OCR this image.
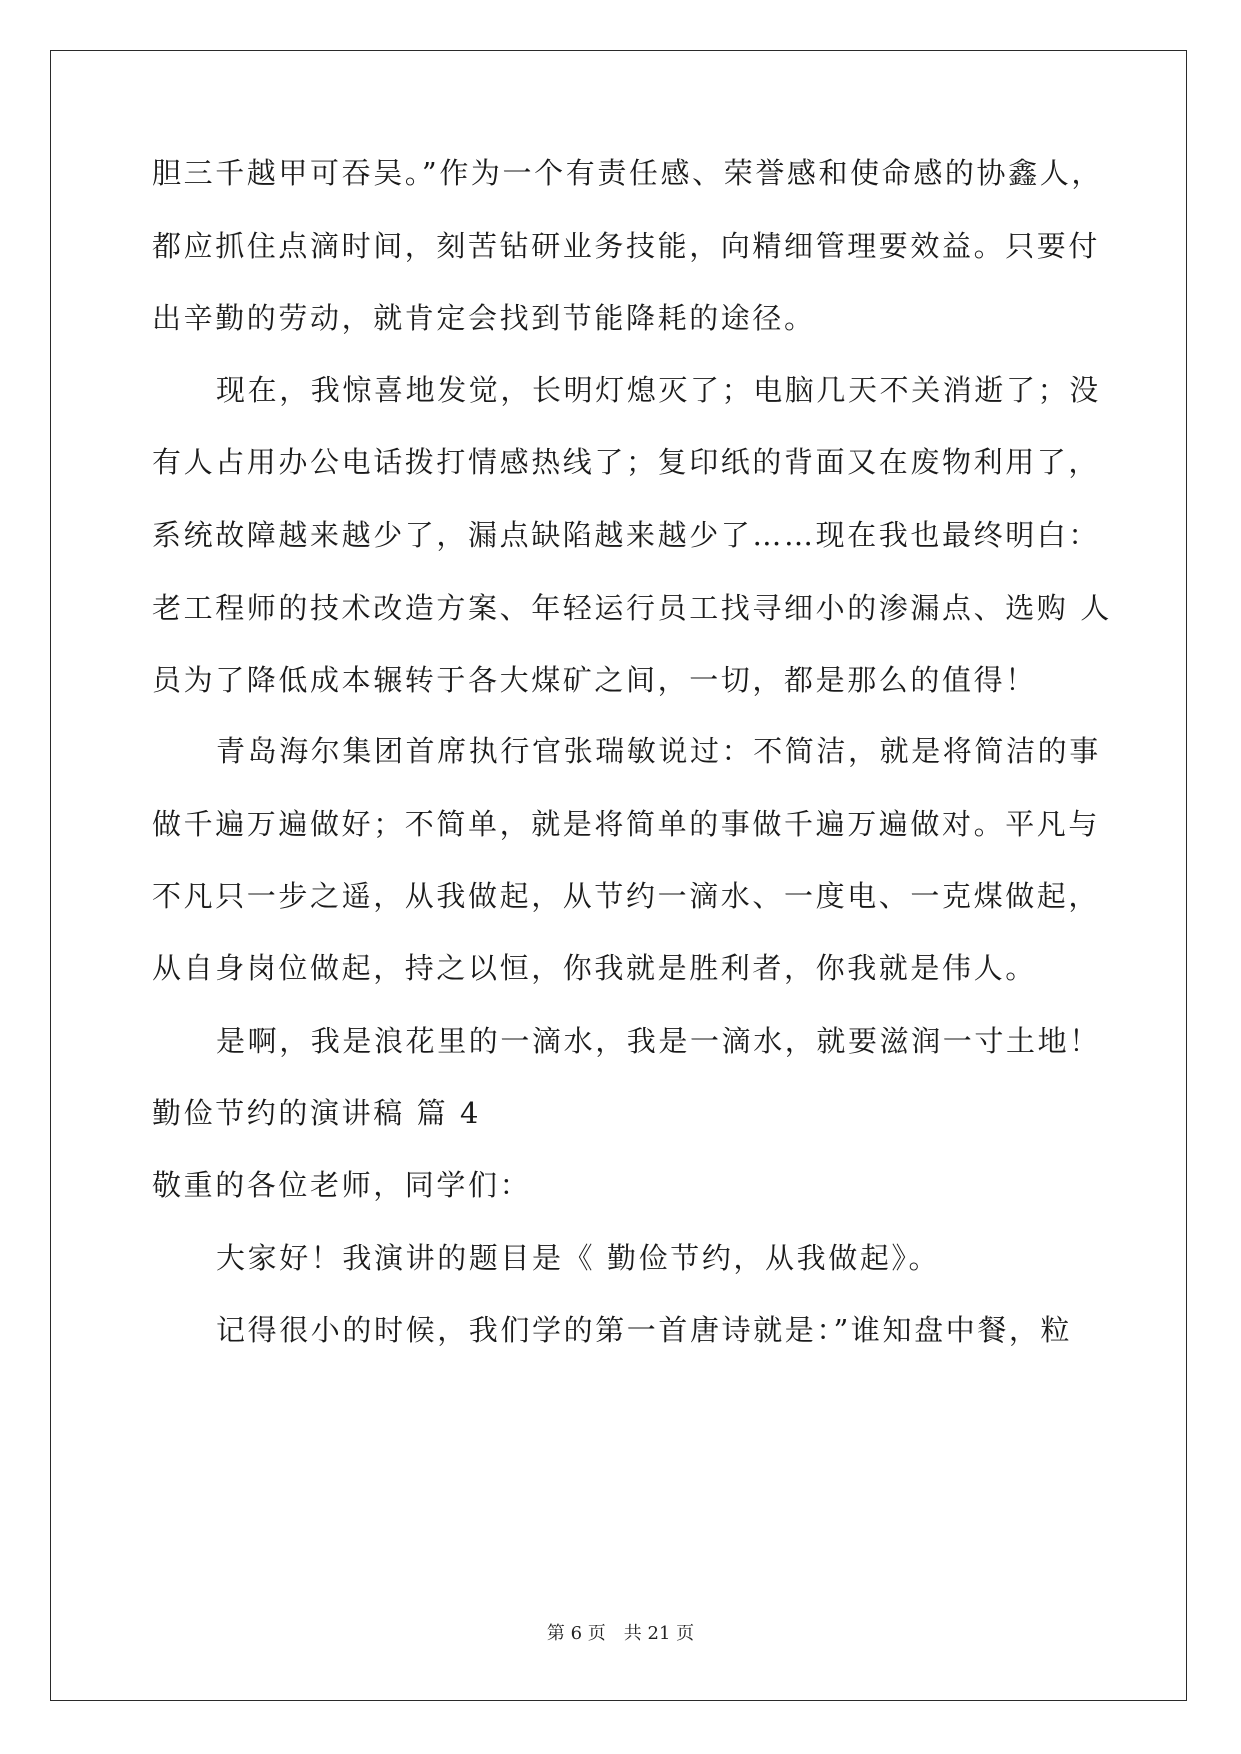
胆三千越甲可吞吴。”作为一个有责任感、荣誉感和使命感的协鑫人，
都应抓住点滴时间，刻苦钻研业务技能，向精细管理要效益。只要付
出辛勤的劳动，就肯定会找到节能降耗的途径。
现在，我惊喜地发觉，长明灯熄灭了；电脑几天不关消逝了；没
有人占用办公电话拨打情感热线了；复印纸的背面又在废物利用了，
系统故障越来越少了，漏点缺陷越来越少了……现在我也最终明白：
老工程师的技术改造方案、年轻运行员工找寻细小的渗漏点、选购 人
员为了降低成本辗转于各大煤矿之间，一切，都是那么的值得！
青岛海尔集团首席执行官张瑞敏说过：不简洁，就是将简洁的事
做千遍万遍做好；不简单，就是将简单的事做千遍万遍做对。平凡与
不凡只一步之遥，从我做起，从节约一滴水、一度电、一克煤做起，
从自身岗位做起，持之以恒，你我就是胜利者，你我就是伟人。
是啊，我是浪花里的一滴水，我是一滴水，就要滋润一寸土地！
勤俭节约的演讲稿 篇 4
敬重的各位老师，同学们：
大家好！我演讲的题目是《 勤俭节约，从我做起》。
记得很小的时候，我们学的第一首唐诗就是：”谁知盘中餐，粒
第 6 页　共 21 页
